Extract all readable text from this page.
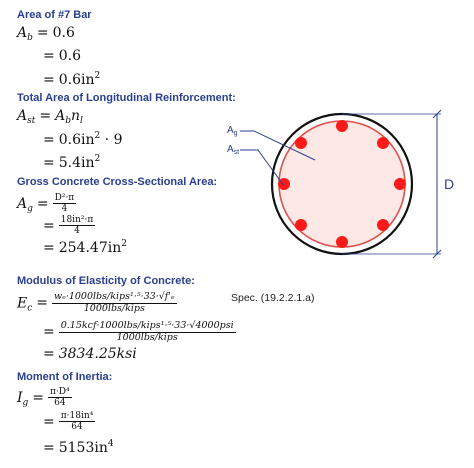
Area of #7 Bar
$A_b = 0.6$
= 0.6
= $0.6in^2$
Total Area of Longitudinal Reinforcement:
$A_{st} = A_bn_l$
= $0.6in^2 \cdot 9$
= $5.4in^2$
Gross Concrete Cross-Sectional Area:
$A_g = \frac{\text{D²·π}}{4}$
= $\frac{\text{18in²·π}}{4}$
= $254.47in^2$
Modulus of Elasticity of Concrete:
$E_c = \frac{\text{wₑ·1000lbs/kips¹·⁵·33·√f'ₑ}}{\text{1000lbs/kips}}$	Spec. (19.2.2.1.a)
= $\frac{\text{0.15kcf·1000lbs/kips¹·⁵·33·√4000psi}}{\text{1000lbs/kips}}$
= 3834.25ksi
Moment of Inertia:
$I_g = \frac{\text{π·D⁴}}{64}$
= $\frac{\text{π·18in⁴}}{64}$
= $5153in^4$
$A_g$
$A_{st}$
D
